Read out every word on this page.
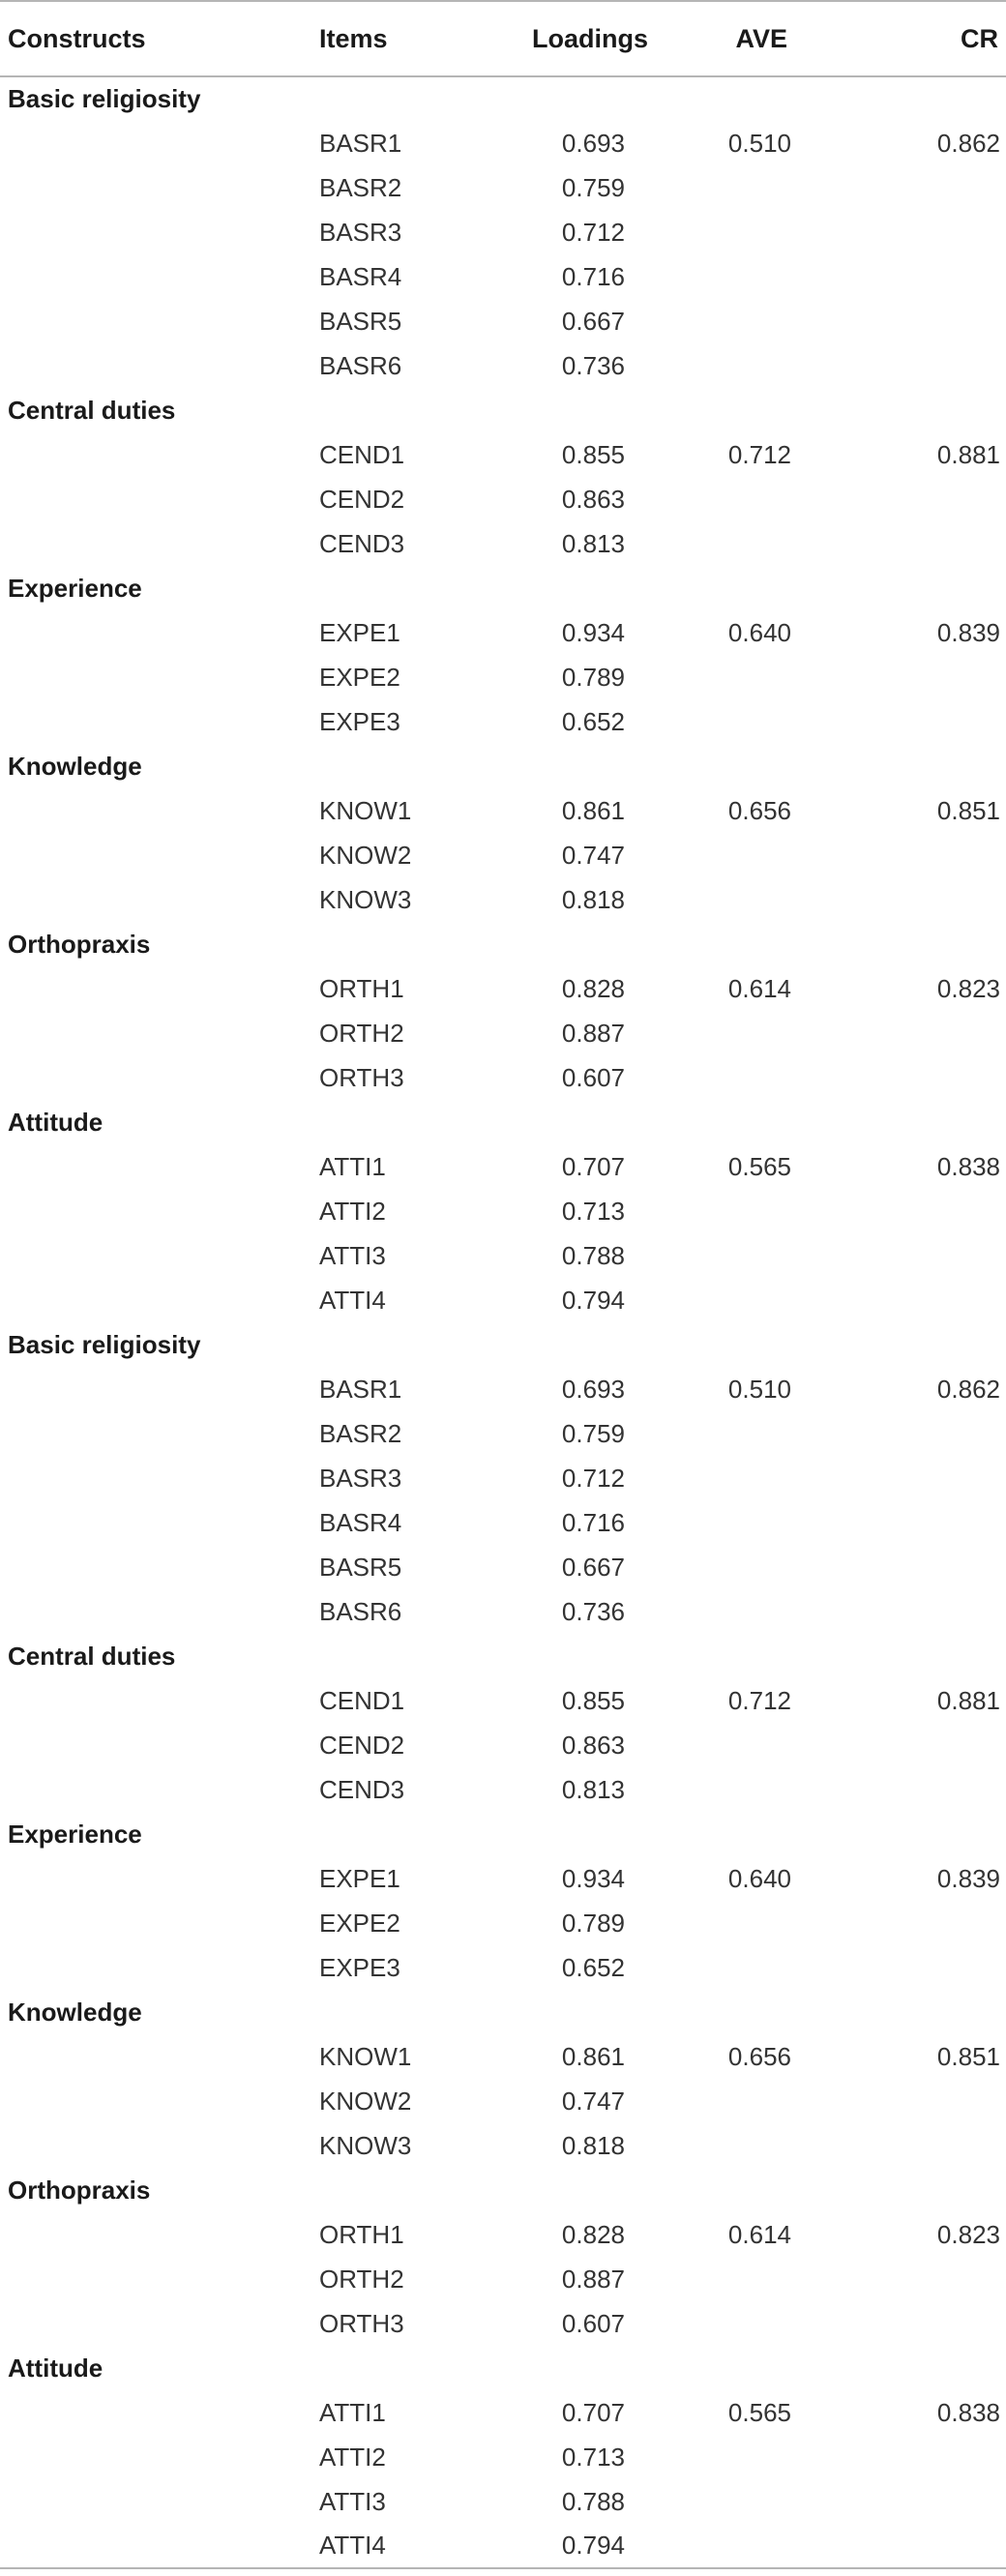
Constructs	Items	Loadings	AVE	CR
Basic religiosity				
	BASR1	0.693	0.510	0.862
	BASR2	0.759		
	BASR3	0.712		
	BASR4	0.716		
	BASR5	0.667		
	BASR6	0.736		
Central duties				
	CEND1	0.855	0.712	0.881
	CEND2	0.863		
	CEND3	0.813		
Experience				
	EXPE1	0.934	0.640	0.839
	EXPE2	0.789		
	EXPE3	0.652		
Knowledge				
	KNOW1	0.861	0.656	0.851
	KNOW2	0.747		
	KNOW3	0.818		
Orthopraxis				
	ORTH1	0.828	0.614	0.823
	ORTH2	0.887		
	ORTH3	0.607		
Attitude				
	ATTI1	0.707	0.565	0.838
	ATTI2	0.713		
	ATTI3	0.788		
	ATTI4	0.794		
Basic religiosity				
	BASR1	0.693	0.510	0.862
	BASR2	0.759		
	BASR3	0.712		
	BASR4	0.716		
	BASR5	0.667		
	BASR6	0.736		
Central duties				
	CEND1	0.855	0.712	0.881
	CEND2	0.863		
	CEND3	0.813		
Experience				
	EXPE1	0.934	0.640	0.839
	EXPE2	0.789		
	EXPE3	0.652		
Knowledge				
	KNOW1	0.861	0.656	0.851
	KNOW2	0.747		
	KNOW3	0.818		
Orthopraxis				
	ORTH1	0.828	0.614	0.823
	ORTH2	0.887		
	ORTH3	0.607		
Attitude				
	ATTI1	0.707	0.565	0.838
	ATTI2	0.713		
	ATTI3	0.788		
	ATTI4	0.794		
